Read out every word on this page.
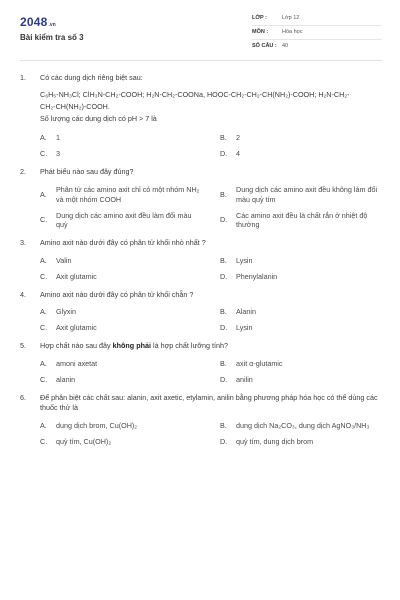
2048 .vn
Bài kiểm tra số 3
LỚP :	Lớp 12
MÔN :	Hóa học
SỐ CÂU : 40
1.	Có các dung dịch riêng biệt sau:
C₆H₅-NH₃Cl; ClH₃N-CH₂-COOH; H₂N-CH₂-COONa, HOOC-CH₂-CH₂-CH(NH₂)-COOH; H₂N-CH₂-
CH₂-CH(NH₂)-COOH.
Số lượng các dung dịch có pH > 7 là
A.	1	B.	2
C.	3	D.	4
2.	Phát biểu nào sau đây đúng?
A.
Phân tử các amino axit chỉ có một nhóm NH₂ và một nhóm COOH
B.
Dung dịch các amino axit đều không làm đổi màu quỳ tím
C.
Dung dịch các amino axit đều làm đổi màu quỳ
D.
Các amino axit đều là chất rắn ở nhiệt độ thường
3.	Amino axit nào dưới đây có phân tử khối nhỏ nhất ?
A.	Valin	B.	Lysin
C.	Axit glutamic	D.	Phenylalanin
4.	Amino axit nào dưới đây có phân tử khối chẵn ?
A.	Glyxin	B.	Alanin
C.	Axit glutamic	D.	Lysin
5.	Hợp chất nào sau đây không phải là hợp chất lưỡng tính?
A.	amoni axetat	B.	axit α-glutamic
C.	alanin	D.	anilin
6.	Để phân biệt các chất sau: alanin, axit axetic, etylamin, anilin bằng phương pháp hóa học có thể dùng các thuốc thử là
A.	dung dịch brom, Cu(OH)₂	B.	dung dịch Na₂CO₃, dung dịch AgNO₃/NH₃
C.	quỳ tím, Cu(OH)₂	D.	quỳ tím, dung dịch brom
